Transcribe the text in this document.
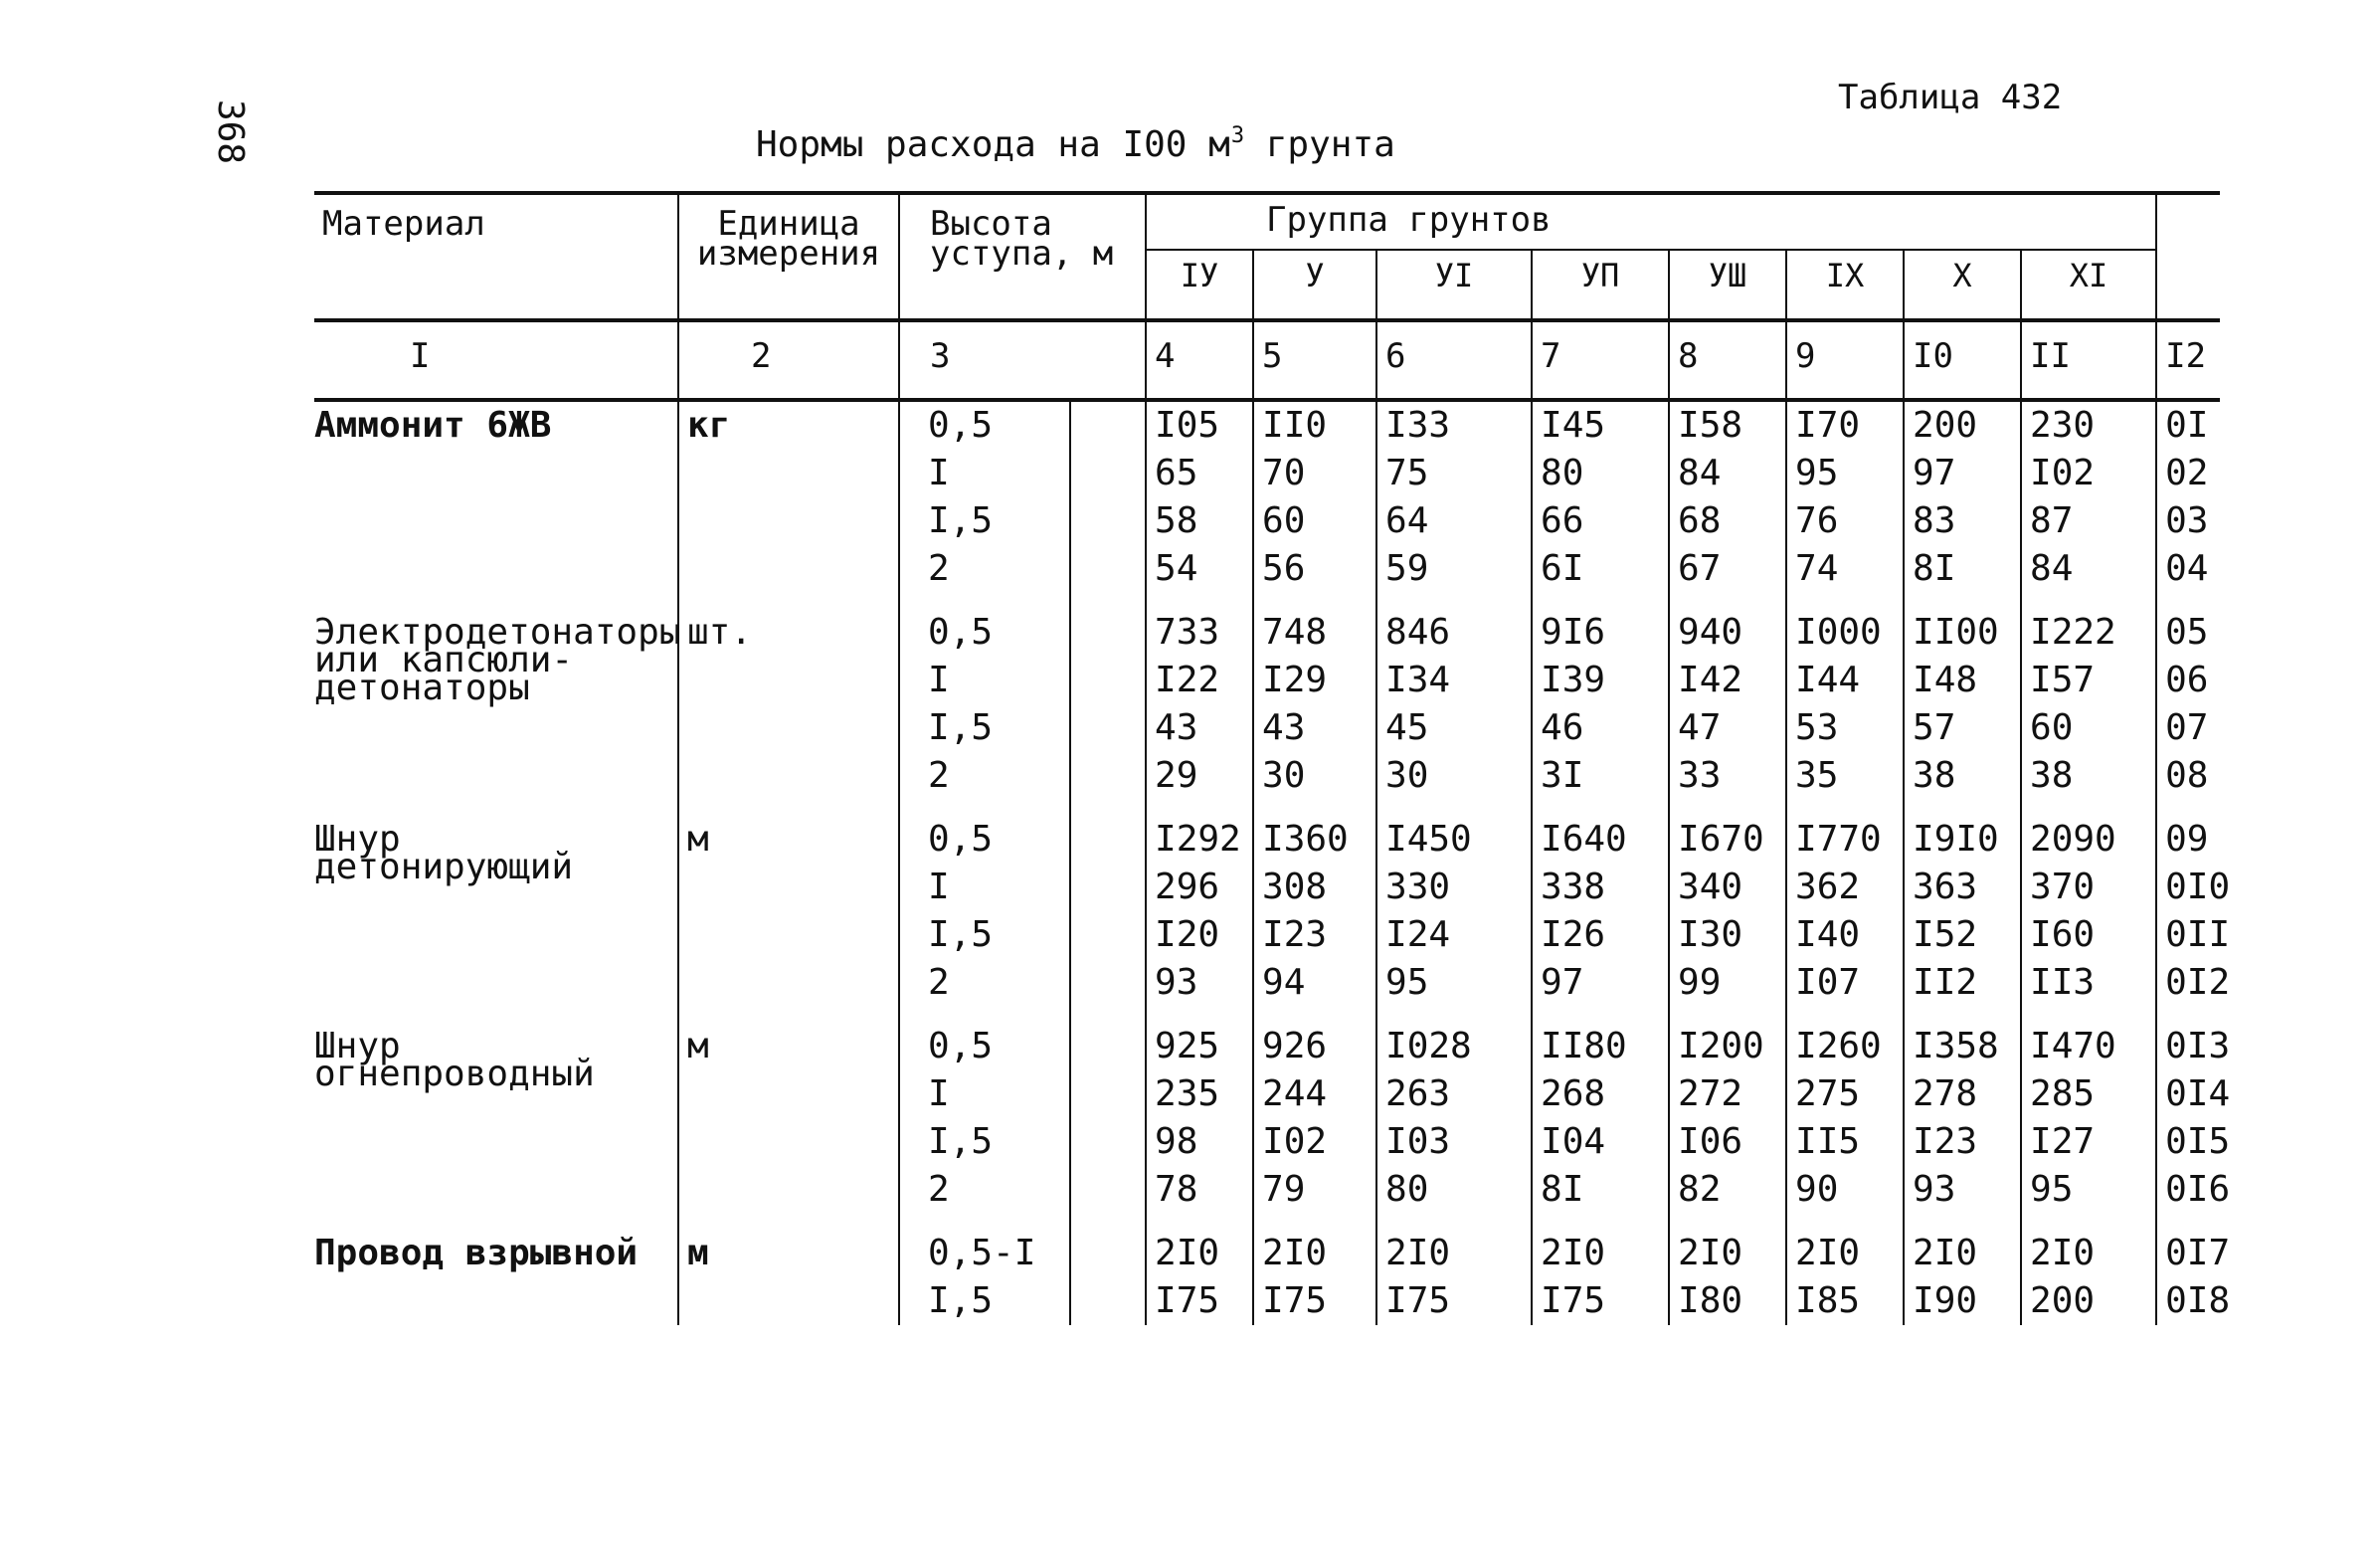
368
Таблица 432
Нормы расхода на I00 $м^3$ грунта
Материал	Единица измерения	Высота уступа, м		Группа грунтов								
				IУ	У	УI	УП	УШ	IX	X	XI	
I	2	3		4	5	6	7	8	9	I0	II	I2
Аммонит 6ЖВ	кг	0,5		I05	II0	I33	I45	I58	I70	200	230	0I
		I		65	70	75	80	84	95	97	I02	02
		I,5		58	60	64	66	68	76	83	87	03
		2		54	56	59	6I	67	74	8I	84	04

Электродетонаторы или капсюли-детонаторы	шт.	0,5		733	748	846	9I6	940	I000	II00	I222	05
		I		I22	I29	I34	I39	I42	I44	I48	I57	06
		I,5		43	43	45	46	47	53	57	60	07
		2		29	30	30	3I	33	35	38	38	08

Шнур детонирующий	м	0,5		I292	I360	I450	I640	I670	I770	I9I0	2090	09
		I		296	308	330	338	340	362	363	370	0I0
		I,5		I20	I23	I24	I26	I30	I40	I52	I60	0II
		2		93	94	95	97	99	I07	II2	II3	0I2

Шнур огнепроводный	м	0,5		925	926	I028	II80	I200	I260	I358	I470	0I3
		I		235	244	263	268	272	275	278	285	0I4
		I,5		98	I02	I03	I04	I06	II5	I23	I27	0I5
		2		78	79	80	8I	82	90	93	95	0I6

Провод взрывной	м	0,5-I		2I0	2I0	2I0	2I0	2I0	2I0	2I0	2I0	0I7
		I,5		I75	I75	I75	I75	I80	I85	I90	200	0I8
